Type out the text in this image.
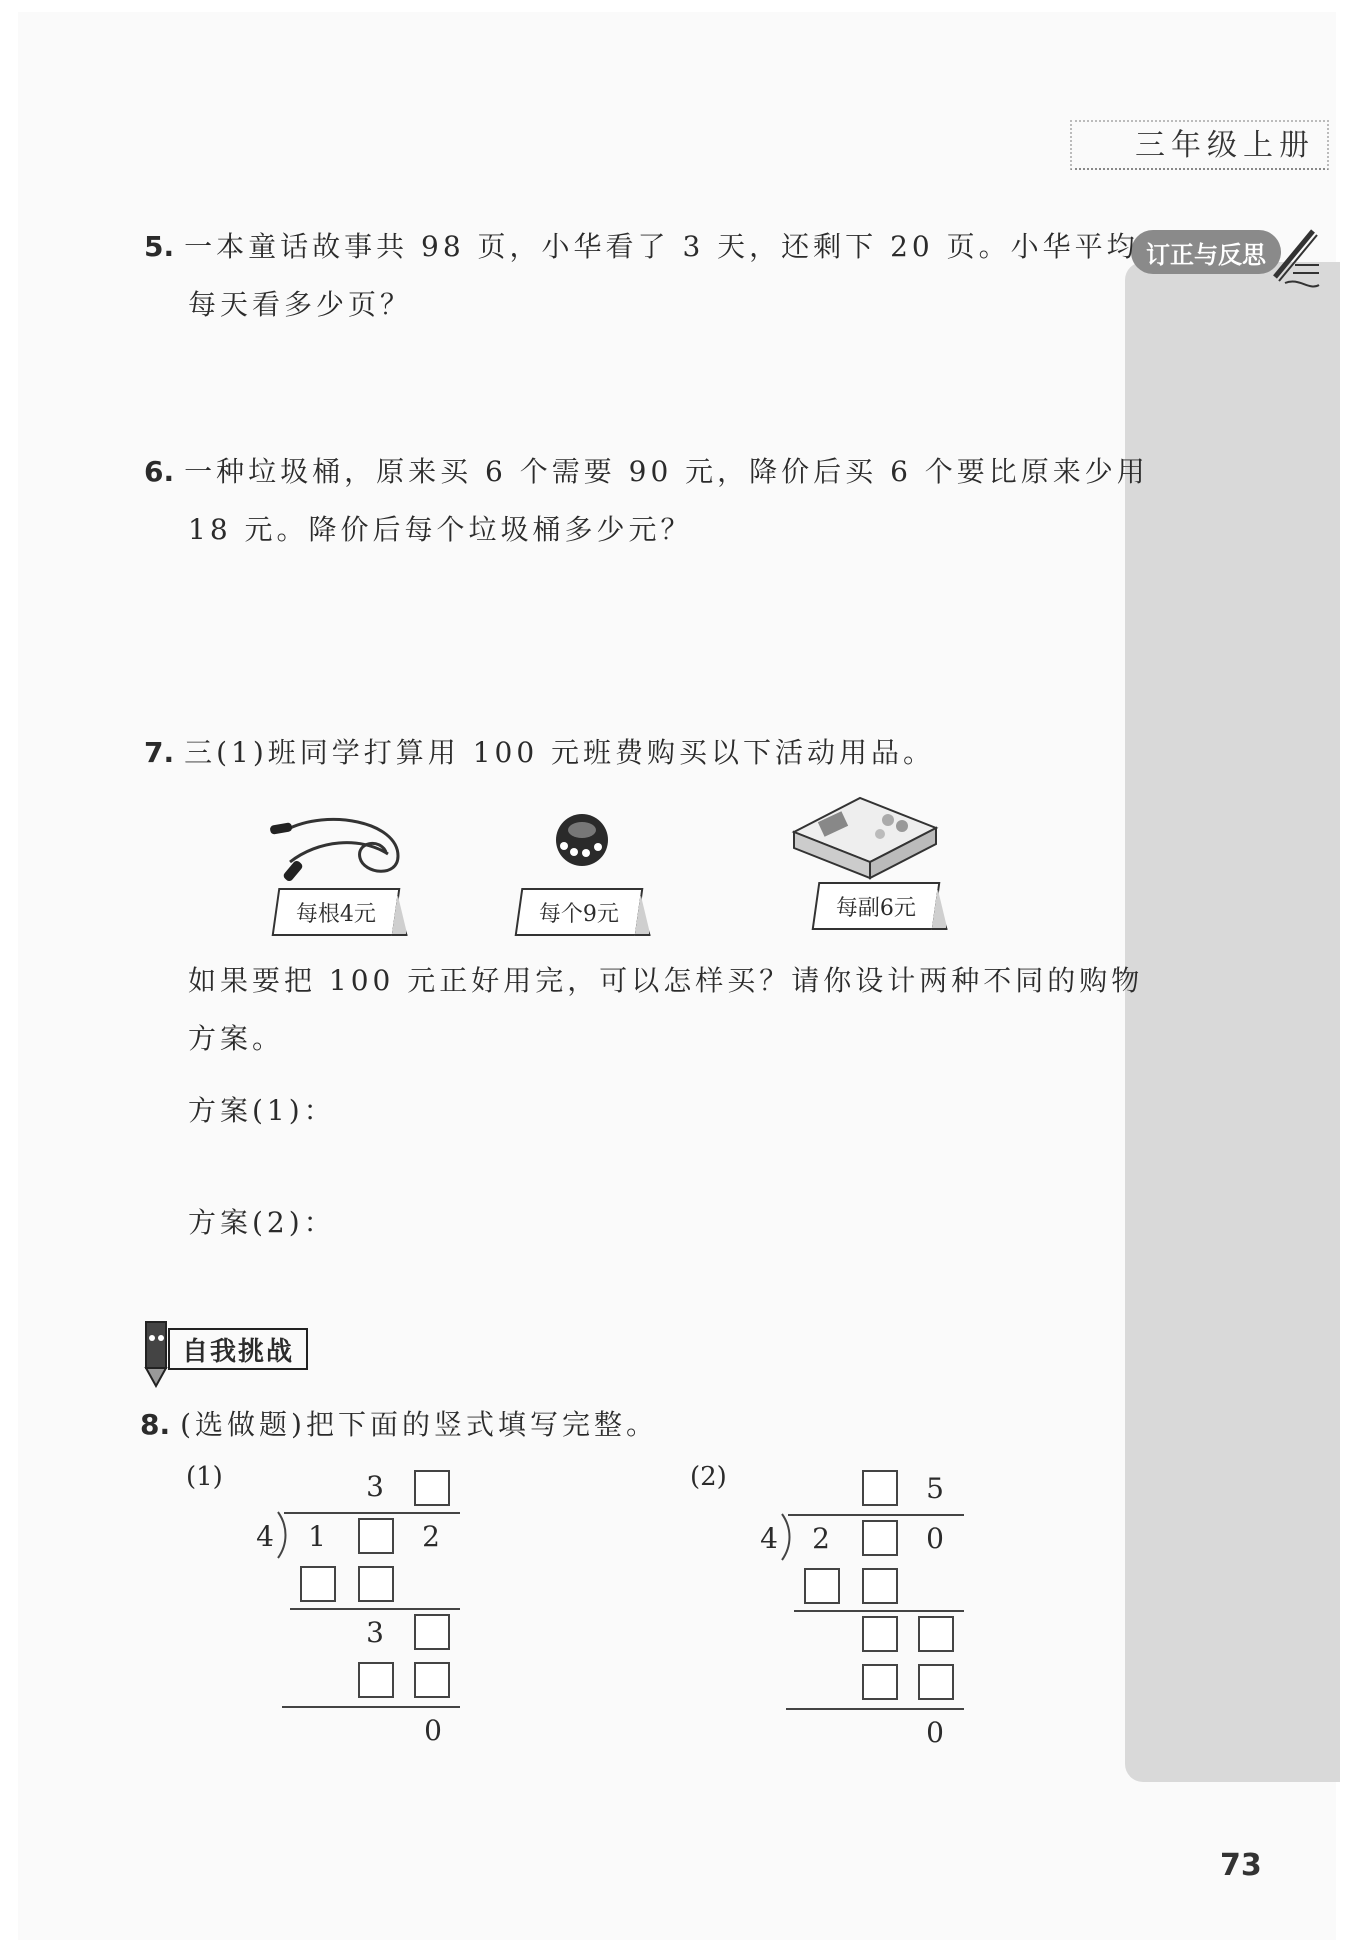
三年级上册
订正与反思
5. 一本童话故事共 98 页，小华看了 3 天，还剩下 20 页。小华平均
每天看多少页？
6. 一种垃圾桶，原来买 6 个需要 90 元，降价后买 6 个要比原来少用
18 元。降价后每个垃圾桶多少元？
7. 三(1)班同学打算用 100 元班费购买以下活动用品。
每根4元	每个9元	每副6元
如果要把 100 元正好用完，可以怎样买？请你设计两种不同的购物
方案。
方案(1)：
方案(2)：
自我挑战
8. (选做题)把下面的竖式填写完整。
(1)	3
4 1	2
3
0
(2)	5
4 2	0
0
73
